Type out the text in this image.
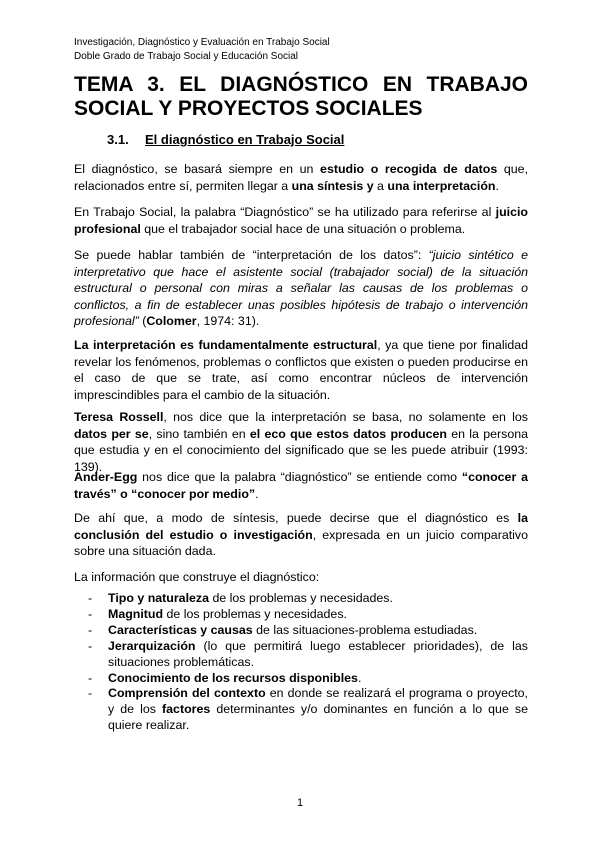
Investigación, Diagnóstico y Evaluación en Trabajo Social
Doble Grado de Trabajo Social y Educación Social
TEMA 3. EL DIAGNÓSTICO EN TRABAJO
SOCIAL Y PROYECTOS SOCIALES
3.1. El diagnóstico en Trabajo Social
El diagnóstico, se basará siempre en un estudio o recogida de datos que, relacionados entre sí, permiten llegar a una síntesis y a una interpretación.
En Trabajo Social, la palabra “Diagnóstico” se ha utilizado para referirse al juicio profesional que el trabajador social hace de una situación o problema.
Se puede hablar también de “interpretación de los datos”: “juicio sintético e interpretativo que hace el asistente social (trabajador social) de la situación estructural o personal con miras a señalar las causas de los problemas o conflictos, a fin de establecer unas posibles hipótesis de trabajo o intervención profesional” (Colomer, 1974: 31).
La interpretación es fundamentalmente estructural, ya que tiene por finalidad revelar los fenómenos, problemas o conflictos que existen o pueden producirse en el caso de que se trate, así como encontrar núcleos de intervención imprescindibles para el cambio de la situación.
Teresa Rossell, nos dice que la interpretación se basa, no solamente en los datos per se, sino también en el eco que estos datos producen en la persona que estudia y en el conocimiento del significado que se les puede atribuir (1993: 139).
Ander-Egg nos dice que la palabra “diagnóstico” se entiende como “conocer a través” o “conocer por medio”.
De ahí que, a modo de síntesis, puede decirse que el diagnóstico es la conclusión del estudio o investigación, expresada en un juicio comparativo sobre una situación dada.
La información que construye el diagnóstico:
- Tipo y naturaleza de los problemas y necesidades.
- Magnitud de los problemas y necesidades.
- Características y causas de las situaciones-problema estudiadas.
- Jerarquización (lo que permitirá luego establecer prioridades), de las situaciones problemáticas.
- Conocimiento de los recursos disponibles.
- Comprensión del contexto en donde se realizará el programa o proyecto, y de los factores determinantes y/o dominantes en función a lo que se quiere realizar.
1
